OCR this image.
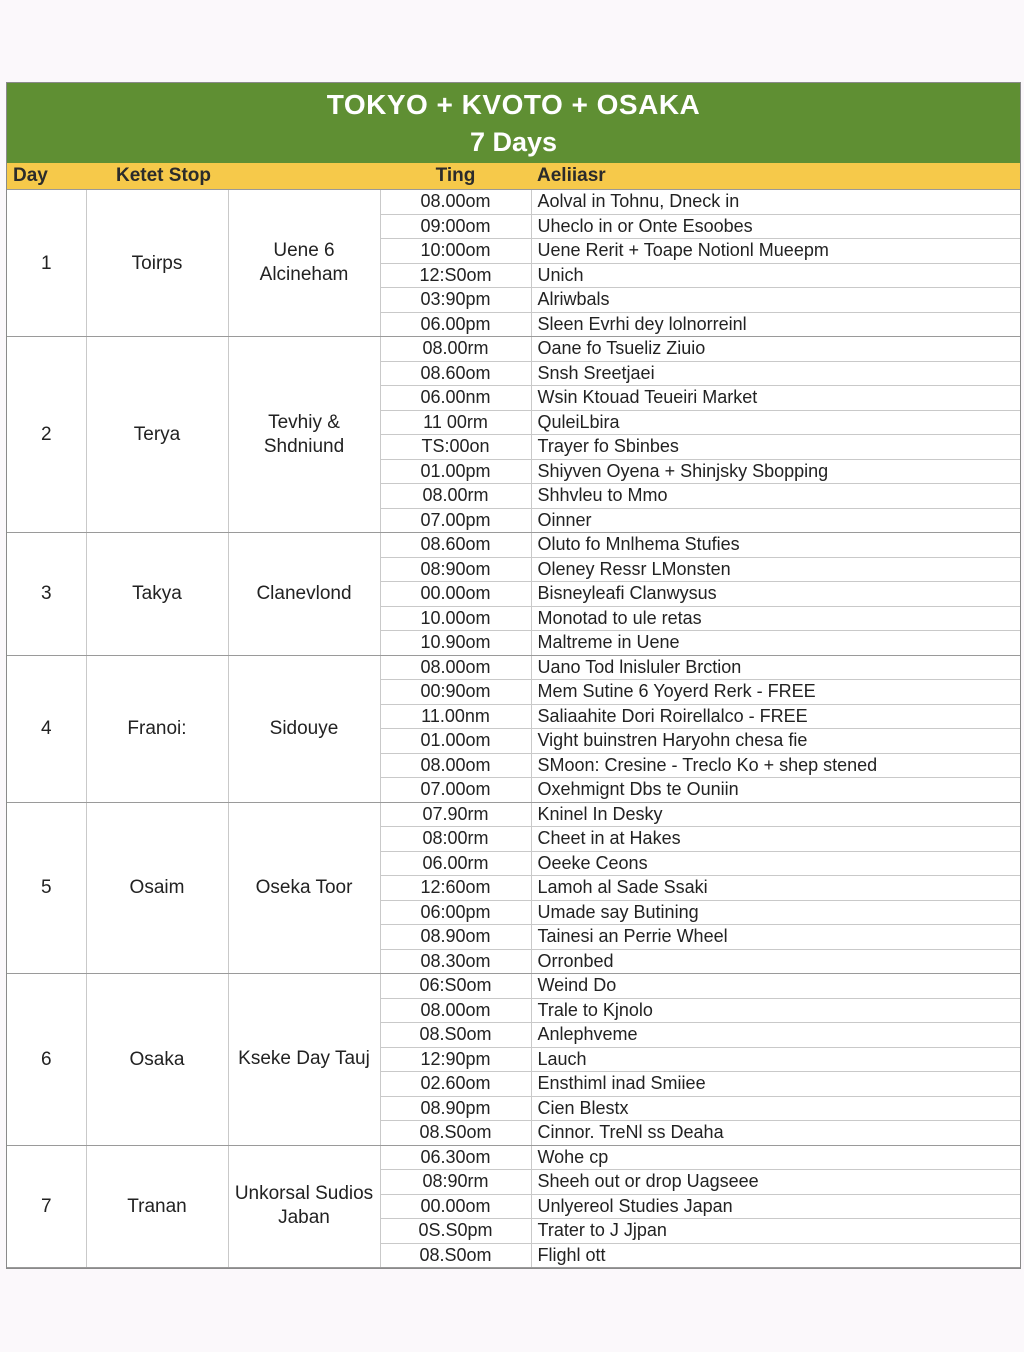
TOKYO + KVOTO + OSAKA
7 Days
Day	Ketet Stop		Ting	Aeliiasr
1	Toirps	Uene 6 Alcineham	08.00om	Aolval in Tohnu, Dneck in
			09:00om	Uheclo in or Onte Esoobes
			10:00om	Uene Rerit + Toape Notionl Mueepm
			12:S0om	Unich
			03:90pm	Alriwbals
			06.00pm	Sleen Evrhi dey lolnorreinl
2	Terya	Tevhiy & Shdniund	08.00rm	Oane fo Tsueliz Ziuio
			08.60om	Snsh Sreetjaei
			06.00nm	Wsin Ktouad Teueiri Market
			11 00rm	QuleiLbira
			TS:00on	Trayer fo Sbinbes
			01.00pm	Shiyven Oyena + Shinjsky Sbopping
			08.00rm	Shhvleu to Mmo
			07.00pm	Oinner
3	Takya	Clanevlond	08.60om	Oluto fo Mnlhema Stufies
			08:90om	Oleney Ressr LMonsten
			00.00om	Bisneyleafi Clanwysus
			10.00om	Monotad to ule retas
			10.90om	Maltreme in Uene
4	Franoi:	Sidouye	08.00om	Uano Tod lnisluler Brction
			00:90om	Mem Sutine 6 Yoyerd Rerk - FREE
			11.00nm	Saliaahite Dori Roirellalco - FREE
			01.00om	Vight buinstren Haryohn chesa fie
			08.00om	SMoon: Cresine - Treclo Ko + shep stened
			07.00om	Oxehmignt Dbs te Ouniin
5	Osaim	Oseka Toor	07.90rm	Kninel In Desky
			08:00rm	Cheet in at Hakes
			06.00rm	Oeeke Ceons
			12:60om	Lamoh al Sade Ssaki
			06:00pm	Umade say Butining
			08.90om	Tainesi an Perrie Wheel
			08.30om	Orronbed
6	Osaka	Kseke Day Tauj	06:S0om	Weind Do
			08.00om	Trale to Kjnolo
			08.S0om	Anlephveme
			12:90pm	Lauch
			02.60om	Ensthiml inad Smiiee
			08.90pm	Cien Blestx
			08.S0om	Cinnor. TreNl ss Deaha
7	Tranan	Unkorsal Sudios Jaban	06.30om	Wohe cp
			08:90rm	Sheeh out or drop Uagseee
			00.00om	Unlyereol Studies Japan
			0S.S0pm	Trater to J Jjpan
			08.S0om	Flighl ott
